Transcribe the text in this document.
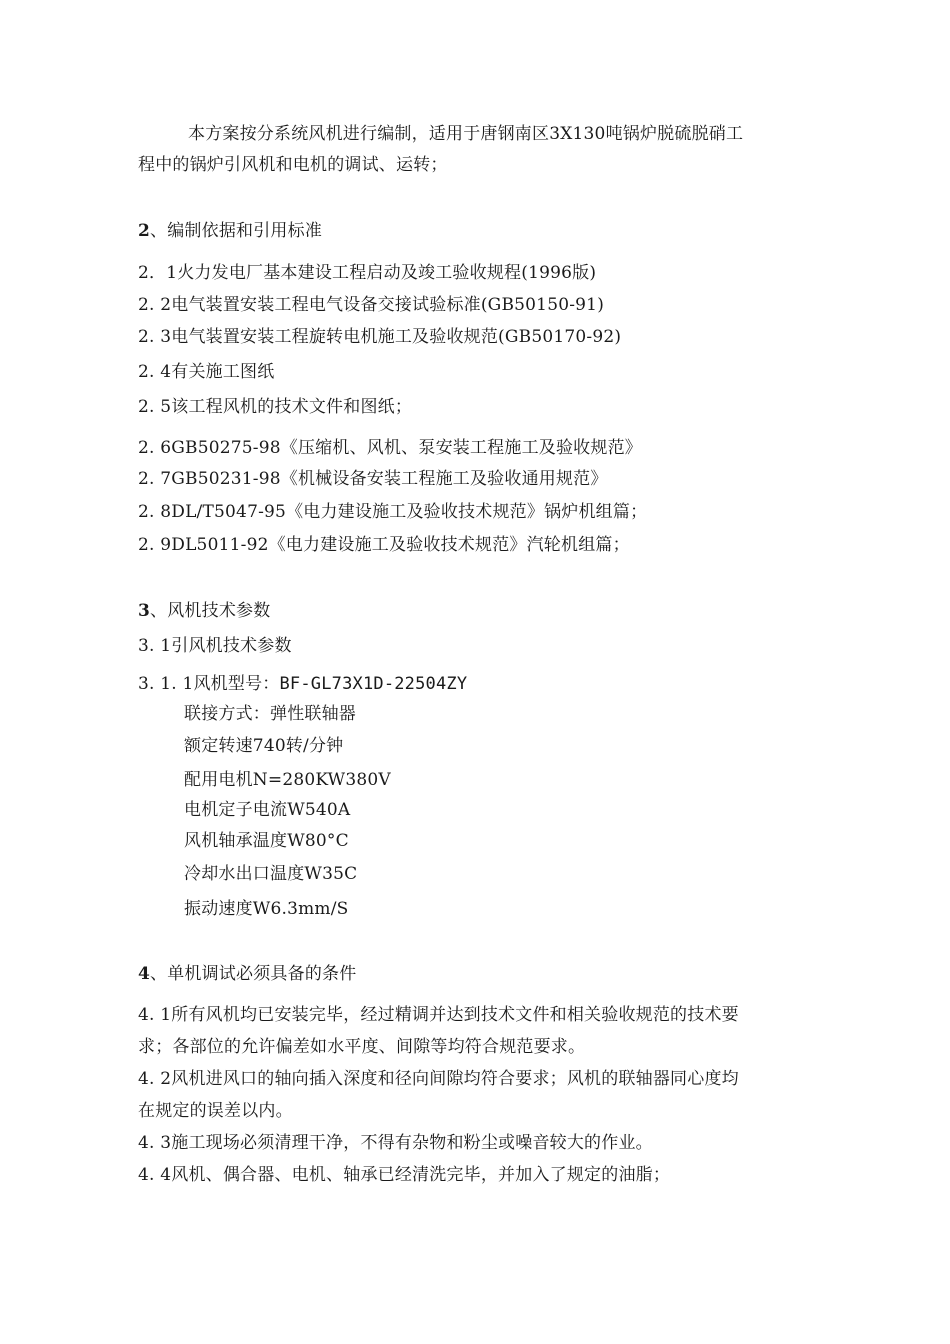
本方案按分系统风机进行编制，适用于唐钢南区3X130吨锅炉脱硫脱硝工
程中的锅炉引风机和电机的调试、运转；
2、编制依据和引用标准
2．1火力发电厂基本建设工程启动及竣工验收规程(1996版)
2. 2电气装置安装工程电气设备交接试验标准(GB50150-91)
2. 3电气装置安装工程旋转电机施工及验收规范(GB50170-92)
2. 4有关施工图纸
2. 5该工程风机的技术文件和图纸；
2. 6GB50275-98《压缩机、风机、泵安装工程施工及验收规范》
2. 7GB50231-98《机械设备安装工程施工及验收通用规范》
2. 8DL/T5047-95《电力建设施工及验收技术规范》锅炉机组篇；
2. 9DL5011-92《电力建设施工及验收技术规范》汽轮机组篇；
3、风机技术参数
3. 1引风机技术参数
3. 1. 1风机型号：BF-GL73X1D-22504ZY
联接方式：弹性联轴器
额定转速740转/分钟
配用电机N=280KW380V
电机定子电流W540A
风机轴承温度W80°C
冷却水出口温度W35C
振动速度W6.3mm/S
4、单机调试必须具备的条件
4. 1所有风机均已安装完毕，经过精调并达到技术文件和相关验收规范的技术要
求；各部位的允许偏差如水平度、间隙等均符合规范要求。
4. 2风机进风口的轴向插入深度和径向间隙均符合要求；风机的联轴器同心度均
在规定的误差以内。
4. 3施工现场必须清理干净，不得有杂物和粉尘或噪音较大的作业。
4. 4风机、偶合器、电机、轴承已经清洗完毕，并加入了规定的油脂；
